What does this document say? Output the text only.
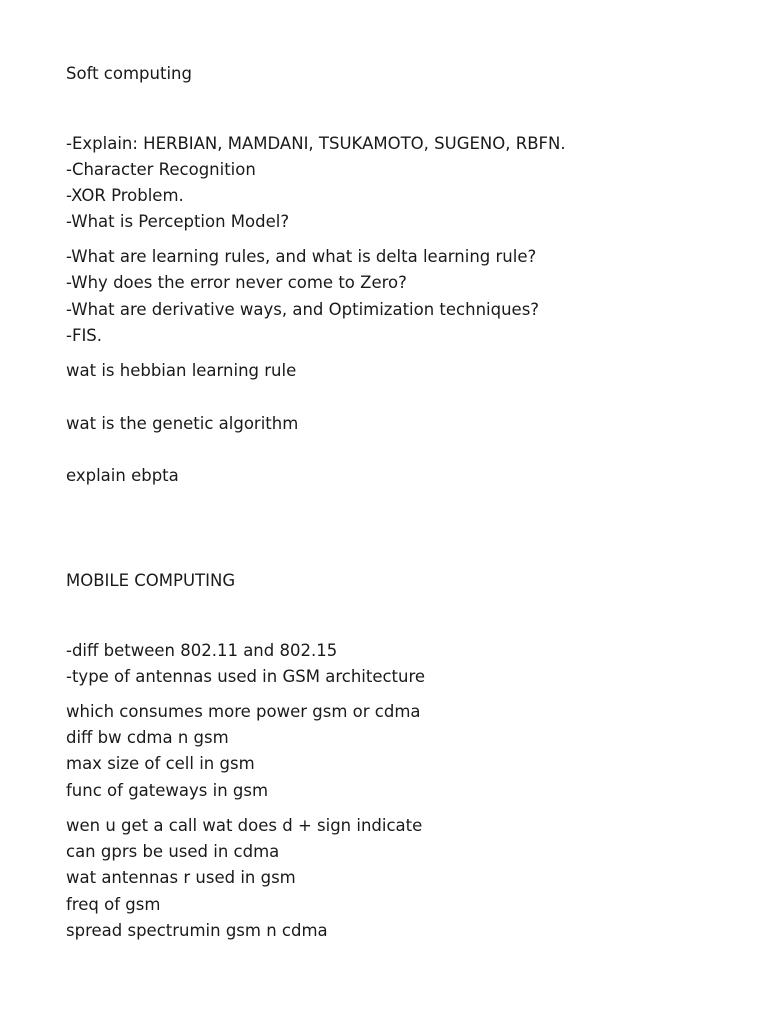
Soft computing
-Explain: HERBIAN, MAMDANI, TSUKAMOTO, SUGENO, RBFN.
-Character Recognition
-XOR Problem.
-What is Perception Model?
-What are learning rules, and what is delta learning rule?
-Why does the error never come to Zero?
-What are derivative ways, and Optimization techniques?
-FIS.
wat is hebbian learning rule
wat is the genetic algorithm
explain ebpta
MOBILE COMPUTING
-diff between 802.11 and 802.15
-type of antennas used in GSM architecture
which consumes more power gsm or cdma
diff bw cdma n gsm
max size of cell in gsm
func of gateways in gsm
wen u get a call wat does d + sign indicate
can gprs be used in cdma
wat antennas r used in gsm
freq of gsm
spread spectrumin gsm n cdma
